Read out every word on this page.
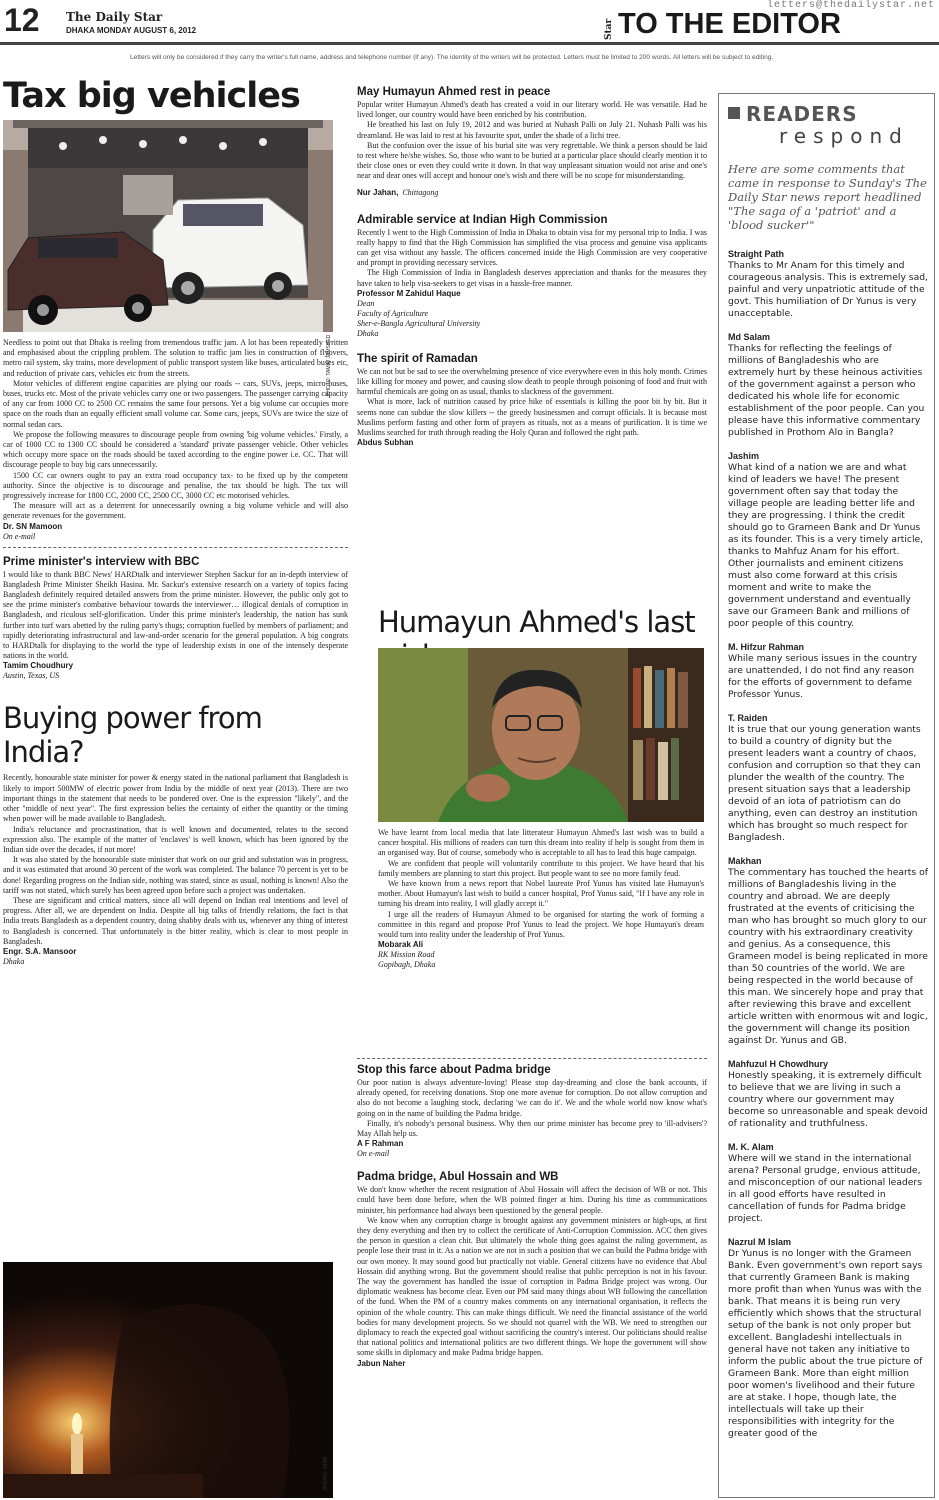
12 The Daily Star
DHAKA MONDAY AUGUST 6, 2012
letters@thedailystar.net
Star TO THE EDITOR
Letters will only be considered if they carry the writer's full name, address and telephone number (if any). The identity of the writers will be protected. Letters must be limited to 200 words. All letters will be subject to editing.
Tax big vehicles
PHOTO: TAMIM JAMSHED

Needless to point out that Dhaka is reeling from tremendous traffic jam. A lot has been repeatedly written and emphasised about the crippling problem. The solution to traffic jam lies in construction of flyovers, metro rail system, sky trains, more development of public transport system like buses, articulated buses etc, and reduction of private cars, vehicles etc from the streets.

Motor vehicles of different engine capacities are plying our roads -- cars, SUVs, jeeps, micro-buses, buses, trucks etc. Most of the private vehicles carry one or two passengers. The passenger carrying capacity of any car from 1000 CC to 2500 CC remains the same four persons. Yet a big volume car occupies more space on the roads than an equally efficient small volume car. Some cars, jeeps, SUVs are twice the size of normal sedan cars.

We propose the following measures to discourage people from owning 'big volume vehicles.' Firstly, a car of 1000 CC to 1300 CC should be considered a 'standard' private passenger vehicle. Other vehicles which occupy more space on the roads should be taxed according to the engine power i.e. CC. That will discourage people to buy big cars unnecessarily.

1500 CC car owners ought to pay an extra road occupancy tax- to be fixed up by the competent authority. Since the objective is to discourage and penalise, the tax should be high. The tax will progressively increase for 1800 CC, 2000 CC, 2500 CC, 3000 CC etc motorised vehicles.

The measure will act as a deterrent for unnecessarily owning a big volume vehicle and will also generate revenues for the government.

Dr. SN Mamoon
On e-mail
Prime minister's interview with BBC

I would like to thank BBC News' HARDtalk and interviewer Stephen Sackur for an in-depth interview of Bangladesh Prime Minister Sheikh Hasina. Mr. Sackur's extensive research on a variety of topics facing Bangladesh definitely required detailed answers from the prime minister. However, the public only got to see the prime minister's combative behaviour towards the interviewer… illogical denials of corruption in Bangladesh, and riculous self-glorification. Under this prime minister's leadership, the nation has sunk further into turf wars abetted by the ruling party's thugs; corruption fuelled by members of parliament; and rapidly deteriorating infrastructural and law-and-order scenario for the general population. A big congrats to HARDtalk for displaying to the world the type of leadership exists in one of the intensely desperate nations in the world.

Tamim Choudhury
Austin, Texas, US
Buying power from India?

Recently, honourable state minister for power & energy stated in the national parliament that Bangladesh is likely to import 500MW of electric power from India by the middle of next year (2013). There are two important things in the statement that needs to be pondered over. One is the expression "likely", and the other "middle of next year". The first expression belies the certainty of either the quantity or the timing when power will be made available to Bangladesh.

India's reluctance and procrastination, that is well known and documented, relates to the second expression also. The example of the matter of 'enclaves' is well known, which has been ignored by the Indian side over the decades, if not more!

It was also stated by the honourable state minister that work on our grid and substation was in progress, and it was estimated that around 30 percent of the work was completed. The balance 70 percent is yet to be done! Regarding progress on the Indian side, nothing was stated, since as usual, nothing is known! Also the tariff was not stated, which surely has been agreed upon before such a project was undertaken.

These are significant and critical matters, since all will depend on Indian real intentions and level of progress. After all, we are dependent on India. Despite all big talks of friendly relations, the fact is that India treats Bangladesh as a dependent country, doing shabby deals with us, whenever any thing of interest to Bangladesh is concerned. That unfortunately is the bitter reality, which is clear to most people in Bangladesh.

Engr. S.A. Mansoor
Dhaka
PHOTO: STAR
May Humayun Ahmed rest in peace

Popular writer Humayun Ahmed's death has created a void in our literary world. He was versatile. Had he lived longer, our country would have been enriched by his contribution.

He breathed his last on July 19, 2012 and was buried at Nuhash Palli on July 21. Nuhash Palli was his dreamland. He was laid to rest at his favourite spot, under the shade of a lichi tree.

But the confusion over the issue of his burial site was very regrettable. We think a person should be laid to rest where he/she wishes. So, those who want to be buried at a particular place should clearly mention it to their close ones or even they could write it down. In that way unpleasant situation would not arise and one's near and dear ones will accept and honour one's wish and there will be no scope for misunderstanding.

Nur Jahan, Chittagong
Admirable service at Indian High Commission

Recently I went to the High Commission of India in Dhaka to obtain visa for my personal trip to India. I was really happy to find that the High Commission has simplified the visa process and genuine visa applicants can get visa without any hassle. The officers concerned inside the High Commission are very cooperative and prompt in providing necessary services.

The High Commission of India in Bangladesh deserves appreciation and thanks for the measures they have taken to help visa-seekers to get visas in a hassle-free manner.

Professor M Zahidul Haque
Dean
Faculty of Agriculture
Sher-e-Bangla Agricultural University
Dhaka
The spirit of Ramadan

We can not but be sad to see the overwhelming presence of vice everywhere even in this holy month. Crimes like killing for money and power, and causing slow death to people through poisoning of food and fruit with harmful chemicals are going on as usual, thanks to slackness of the government.

What is more, lack of nutrition caused by price hike of essentials is killing the poor bit by bit. But it seems none can subdue the slow killers -- the greedy businessmen and corrupt officials. It is because most Muslims perform fasting and other form of prayers as rituals, not as a means of purification. It is time we Muslims searched for truth through reading the Holy Quran and followed the right path.

Abdus Subhan
Humayun Ahmed's last

We have learnt from local media that late litterateur Humayun Ahmed's last wish was to build a cancer hospital. His millions of readers can turn this dream into reality if help is sought from them in an organised way. But of course, somebody who is acceptable to all has to lead this huge campaign.

We are confident that people will voluntarily contribute to this project. We have heard that his family members are planning to start this project. But people want to see no more family feud.

We have known from a news report that Nobel laureate Prof Yunus has visited late Humayun's mother. About Humayun's last wish to build a cancer hospital, Prof Yunus said, "If I have any role in turning his dream into reality, I will gladly accept it."

I urge all the readers of Humayun Ahmed to be organised for starting the work of forming a committee in this regard and propose Prof Yunus to lead the project. We hope Humayun's dream would turn into reality under the leadership of Prof Yunus.

Mobarak Ali
RK Mission Road
Gopibagh, Dhaka
Stop this farce about Padma bridge

Our poor nation is always adventure-loving! Please stop day-dreaming and close the bank accounts, if already opened, for receiving donations. Stop one more avenue for corruption. Do not allow corruption and also do not become a laughing stock, declaring 'we can do it'. We and the whole world now know what's going on in the name of building the Padma bridge.

Finally, it's nobody's personal business. Why then our prime minister has become prey to 'ill-advisers'? May Allah help us.

A F Rahman
On e-mail
Padma bridge, Abul Hossain and WB

We don't know whether the recent resignation of Abul Hossain will affect the decision of WB or not. This could have been done before, when the WB pointed finger at him. During his time as communications minister, his performance had always been questioned by the general people.

We know when any corruption charge is brought against any government ministers or high-ups, at first they deny everything and then try to collect the certificate of Anti-Corruption Commission. ACC then gives the person in question a clean chit. But ultimately the whole thing goes against the ruling government, as people lose their trust in it. As a nation we are not in such a position that we can build the Padma bridge with our own money. It may sound good but practically not viable. General citizens have no evidence that Abul Hossain did anything wrong. But the government should realise that public perception is not in his favour. The way the government has handled the issue of corruption in Padma Bridge project was wrong. Our diplomatic weakness has become clear. Even our PM said many things about WB following the cancellation of the fund. When the PM of a country makes comments on any international organisation, it reflects the opinion of the whole country. This can make things difficult. We need the financial assistance of the world bodies for many development projects. So we should not quarrel with the WB. We need to strengthen our diplomacy to reach the expected goal without sacrificing the country's interest. Our politicians should realise that national politics and international politics are two different things. We hope the government will show some skills in diplomacy and make Padma bridge happen.

Jabun Naher
READERS
respond
Here are some comments that came in response to Sunday's The Daily Star news report headlined "The saga of a 'patriot' and a 'blood sucker'"
Straight Path
Thanks to Mr Anam for this timely and courageous analysis. This is extremely sad, painful and very unpatriotic attitude of the govt. This humiliation of Dr Yunus is very unacceptable.
Md Salam
Thanks for reflecting the feelings of millions of Bangladeshis who are extremely hurt by these heinous activities of the government against a person who dedicated his whole life for economic establishment of the poor people. Can you please have this informative commentary published in Prothom Alo in Bangla?
Jashim
What kind of a nation we are and what kind of leaders we have! The present government often say that today the village people are leading better life and they are progressing. I think the credit should go to Grameen Bank and Dr Yunus as its founder. This is a very timely article, thanks to Mahfuz Anam for his effort. Other journalists and eminent citizens must also come forward at this crisis moment and write to make the government understand and eventually save our Grameen Bank and millions of poor people of this country.
M. Hifzur Rahman
While many serious issues in the country are unattended, I do not find any reason for the efforts of government to defame Professor Yunus.
T. Raiden
It is true that our young generation wants to build a country of dignity but the present leaders want a country of chaos, confusion and corruption so that they can plunder the wealth of the country. The present situation says that a leadership devoid of an iota of patriotism can do anything, even can destroy an institution which has brought so much respect for Bangladesh.
Makhan
The commentary has touched the hearts of millions of Bangladeshis living in the country and abroad. We are deeply frustrated at the events of criticising the man who has brought so much glory to our country with his extraordinary creativity and genius. As a consequence, this Grameen model is being replicated in more than 50 countries of the world. We are being respected in the world because of this man. We sincerely hope and pray that after reviewing this brave and excellent article written with enormous wit and logic, the government will change its position against Dr. Yunus and GB.
Mahfuzul H Chowdhury
Honestly speaking, it is extremely difficult to believe that we are living in such a country where our government may become so unreasonable and speak devoid of rationality and truthfulness.
M. K. Alam
Where will we stand in the international arena? Personal grudge, envious attitude, and misconception of our national leaders in all good efforts have resulted in cancellation of funds for Padma bridge project.
Nazrul M Islam
Dr Yunus is no longer with the Grameen Bank. Even government's own report says that currently Grameen Bank is making more profit than when Yunus was with the bank. That means it is being run very efficiently which shows that the structural setup of the bank is not only proper but excellent. Bangladeshi intellectuals in general have not taken any initiative to inform the public about the true picture of Grameen Bank. More than eight million poor women's livelihood and their future are at stake. I hope, though late, the intellectuals will take up their responsibilities with integrity for the greater good of the
